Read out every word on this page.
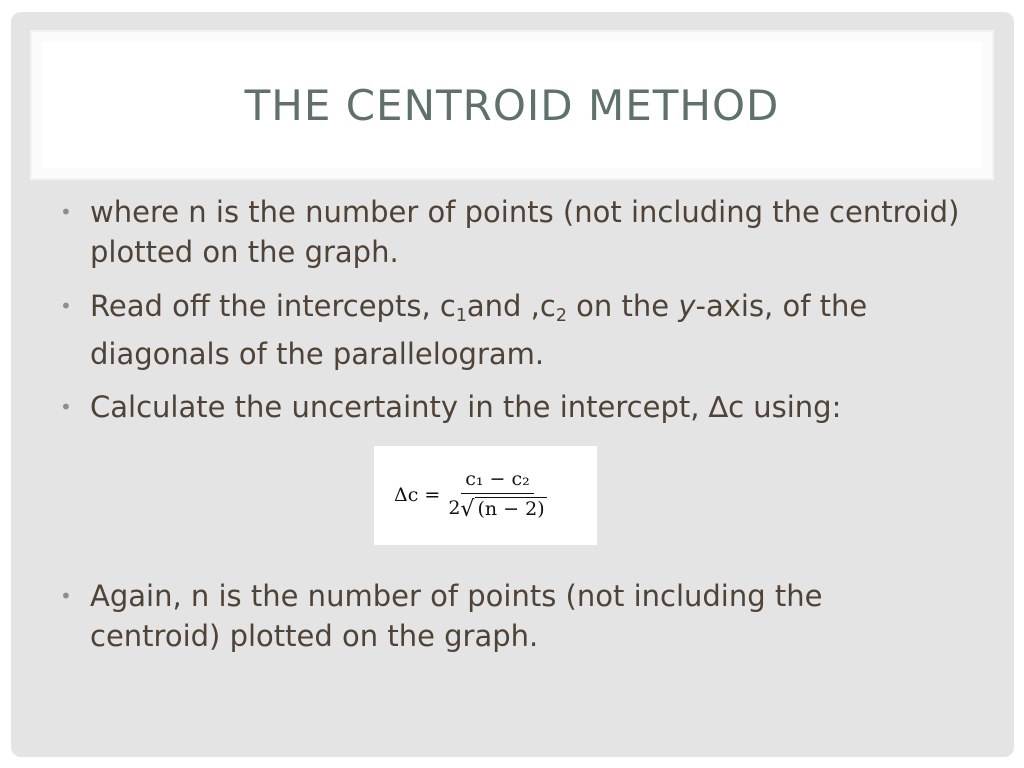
THE CENTROID METHOD
• where n is the number of points (not including the centroid) plotted on the graph.
• Read off the intercepts, $c_1and$ $,c_2$ on the y-axis, of the diagonals of the parallelogram.
• Calculate the uncertainty in the intercept, ∆c using:
• Again, n is the number of points (not including the centroid) plotted on the graph.
$\Delta c = \frac{\text{c₁ − c₂}}{2 √ (n - 2)}$
